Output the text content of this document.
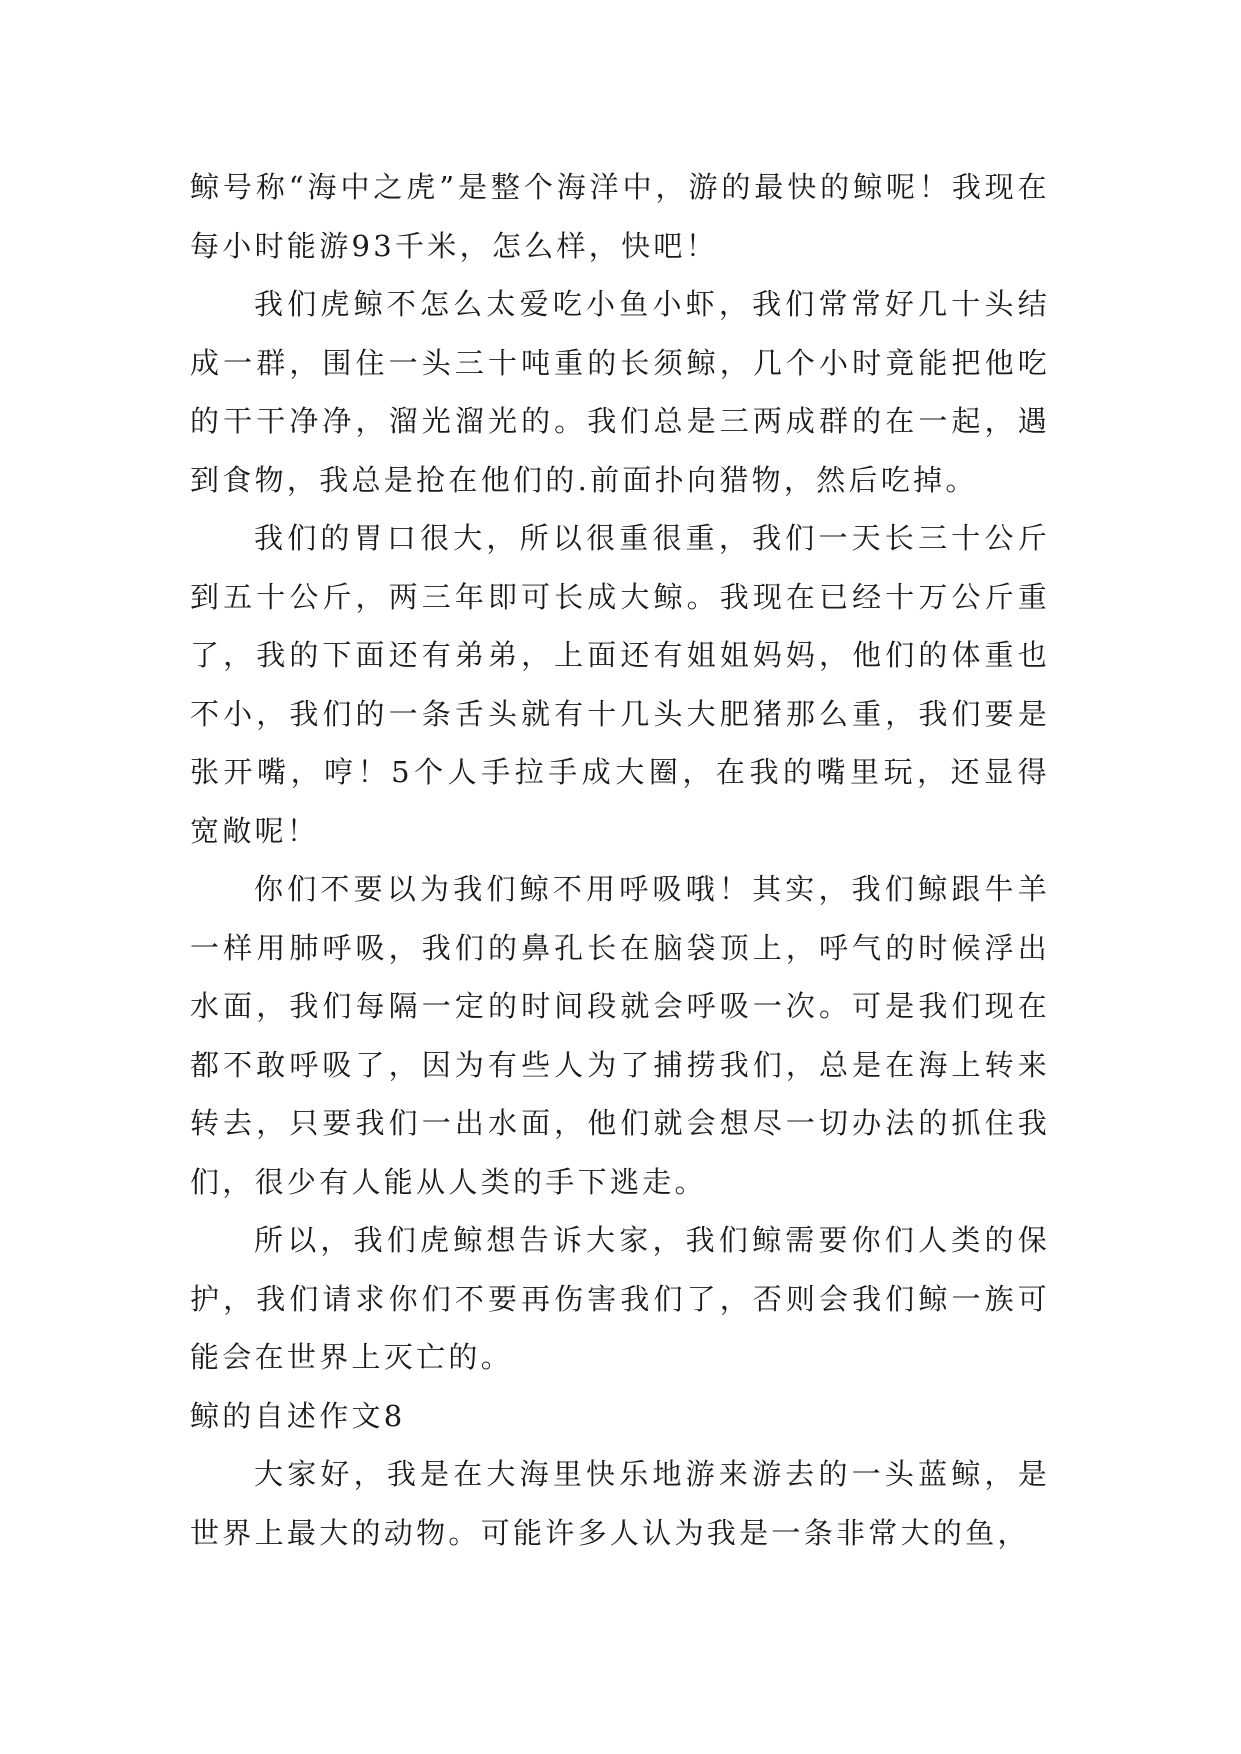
鲸号称“海中之虎”是整个海洋中，游的最快的鲸呢！我现在每小时能游93千米，怎么样，快吧！

我们虎鲸不怎么太爱吃小鱼小虾，我们常常好几十头结成一群，围住一头三十吨重的长须鲸，几个小时竟能把他吃的干干净净，溜光溜光的。我们总是三两成群的在一起，遇到食物，我总是抢在他们的.前面扑向猎物，然后吃掉。

我们的胃口很大，所以很重很重，我们一天长三十公斤到五十公斤，两三年即可长成大鲸。我现在已经十万公斤重了，我的下面还有弟弟，上面还有姐姐妈妈，他们的体重也不小，我们的一条舌头就有十几头大肥猪那么重，我们要是张开嘴，哼！5个人手拉手成大圈，在我的嘴里玩，还显得宽敞呢！

你们不要以为我们鲸不用呼吸哦！其实，我们鲸跟牛羊一样用肺呼吸，我们的鼻孔长在脑袋顶上，呼气的时候浮出水面，我们每隔一定的时间段就会呼吸一次。可是我们现在都不敢呼吸了，因为有些人为了捕捞我们，总是在海上转来转去，只要我们一出水面，他们就会想尽一切办法的抓住我们，很少有人能从人类的手下逃走。

所以，我们虎鲸想告诉大家，我们鲸需要你们人类的保护，我们请求你们不要再伤害我们了，否则会我们鲸一族可能会在世界上灭亡的。

鲸的自述作文8

大家好，我是在大海里快乐地游来游去的一头蓝鲸，是世界上最大的动物。可能许多人认为我是一条非常大的鱼，
